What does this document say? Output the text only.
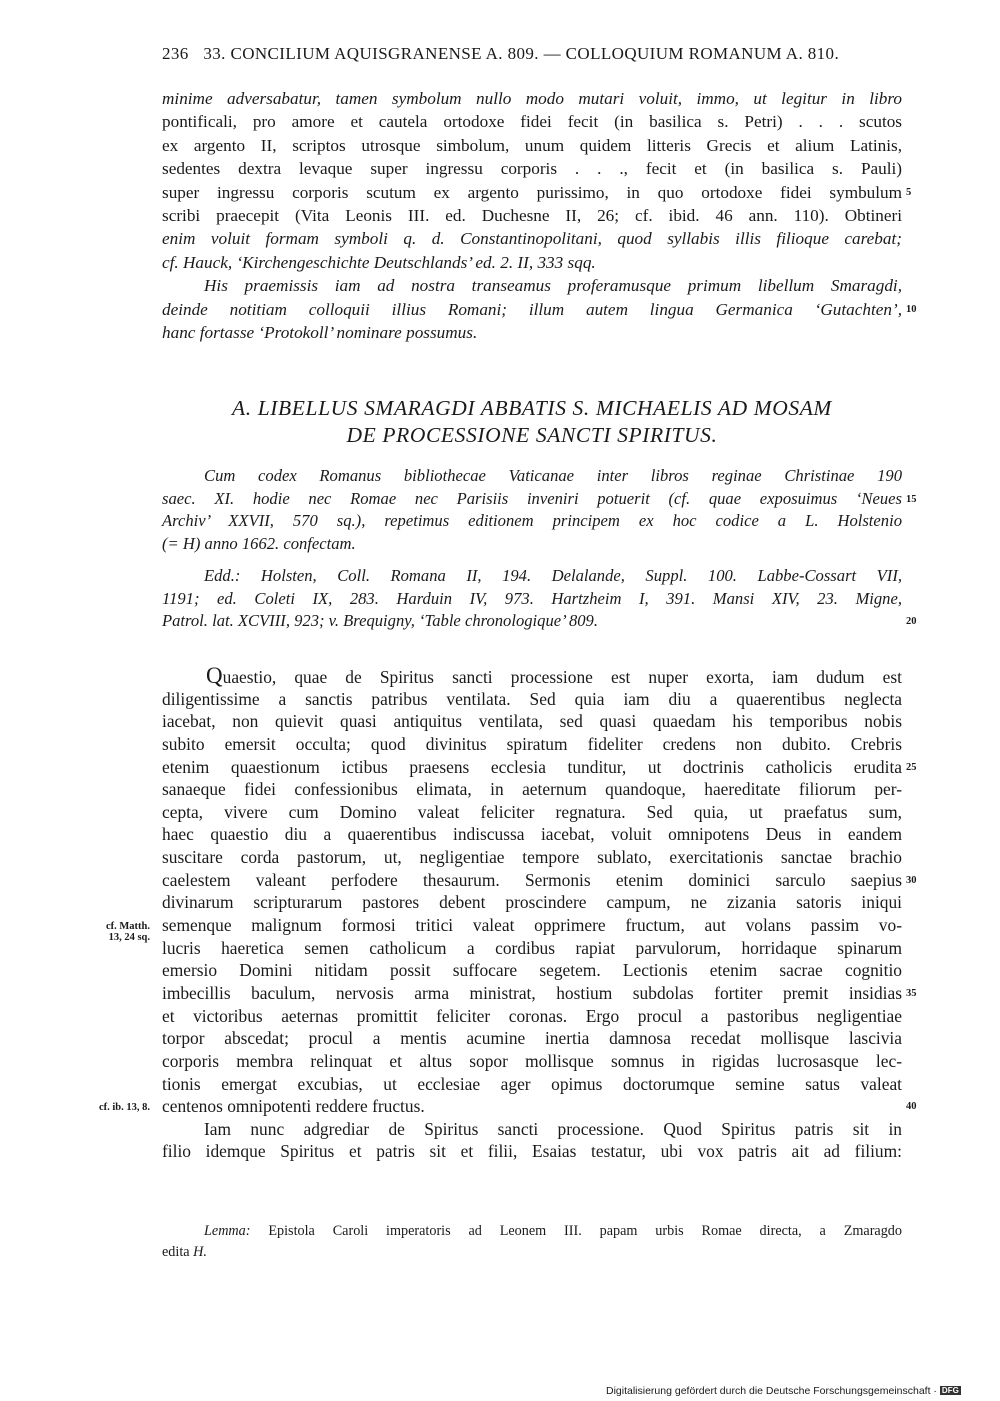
236 33. CONCILIUM AQUISGRANENSE A. 809. — COLLOQUIUM ROMANUM A. 810.
minime adversabatur, tamen symbolum nullo modo mutari voluit, immo, ut legitur in libro
pontificali, pro amore et cautela ortodoxe fidei fecit (in basilica s. Petri) . . . scutos
ex argento II, scriptos utrosque simbolum, unum quidem litteris Grecis et alium Latinis,
sedentes dextra levaque super ingressu corporis . . ., fecit et (in basilica s. Pauli)
super ingressu corporis scutum ex argento purissimo, in quo ortodoxe fidei symbulum 5
scribi praecepit (Vita Leonis III. ed. Duchesne II, 26; cf. ibid. 46 ann. 110). Obtineri
enim voluit formam symboli q. d. Constantinopolitani, quod syllabis illis filioque carebat;
cf. Hauck, ‘Kirchengeschichte Deutschlands’ ed. 2. II, 333 sqq.
His praemissis iam ad nostra transeamus proferamusque primum libellum Smaragdi,
deinde notitiam colloquii illius Romani; illum autem lingua Germanica ‘Gutachten’, 10
hanc fortasse ‘Protokoll’ nominare possumus.
A. LIBELLUS SMARAGDI ABBATIS S. MICHAELIS AD MOSAM
DE PROCESSIONE SANCTI SPIRITUS.
Cum codex Romanus bibliothecae Vaticanae inter libros reginae Christinae 190
saec. XI. hodie nec Romae nec Parisiis inveniri potuerit (cf. quae exposuimus ‘Neues 15
Archiv’ XXVII, 570 sq.), repetimus editionem principem ex hoc codice a L. Holstenio
(= H) anno 1662. confectam.
Edd.: Holsten, Coll. Romana II, 194. Delalande, Suppl. 100. Labbe-Cossart VII,
1191; ed. Coleti IX, 283. Harduin IV, 973. Hartzheim I, 391. Mansi XIV, 23. Migne,
Patrol. lat. XCVIII, 923; v. Brequigny, ‘Table chronologique’ 809.	20
Quaestio, quae de Spiritus sancti processione est nuper exorta, iam dudum est
diligentissime a sanctis patribus ventilata. Sed quia iam diu a quaerentibus neglecta
iacebat, non quievit quasi antiquitus ventilata, sed quasi quaedam his temporibus nobis
subito emersit occulta; quod divinitus spiratum fideliter credens non dubito. Crebris
etenim quaestionum ictibus praesens ecclesia tunditur, ut doctrinis catholicis erudita 25
sanaeque fidei confessionibus elimata, in aeternum quandoque, haereditate filiorum per-
cepta, vivere cum Domino valeat feliciter regnatura. Sed quia, ut praefatus sum,
haec quaestio diu a quaerentibus indiscussa iacebat, voluit omnipotens Deus in eandem
suscitare corda pastorum, ut, negligentiae tempore sublato, exercitationis sanctae brachio
caelestem valeant perfodere thesaurum. Sermonis etenim dominici sarculo saepius 30
divinarum scripturarum pastores debent proscindere campum, ne zizania satoris iniqui
semenque malignum formosi tritici valeat opprimere fructum, aut volans passim vo-
lucris haeretica semen catholicum a cordibus rapiat parvulorum, horridaque spinarum
emersio Domini nitidam possit suffocare segetem. Lectionis etenim sacrae cognitio
imbecillis baculum, nervosis arma ministrat, hostium subdolas fortiter premit insidias 35
et victoribus aeternas promittit feliciter coronas. Ergo procul a pastoribus negligentiae
torpor abscedat; procul a mentis acumine inertia damnosa recedat mollisque lascivia
corporis membra relinquat et altus sopor mollisque somnus in rigidas lucrosasque lec-
tionis emergat excubias, ut ecclesiae ager opimus doctorumque semine satus valeat
centenos omnipotenti reddere fructus.	40
Iam nunc adgrediar de Spiritus sancti processione. Quod Spiritus patris sit in
filio idemque Spiritus et patris sit et filii, Esaias testatur, ubi vox patris ait ad filium:
cf. Matth.
13, 24 sq.
cf. ib. 13, 8.
Lemma: Epistola Caroli imperatoris ad Leonem III. papam urbis Romae directa, a Zmaragdo
edita H.
Digitalisierung gefördert durch die Deutsche Forschungsgemeinschaft · DFG
